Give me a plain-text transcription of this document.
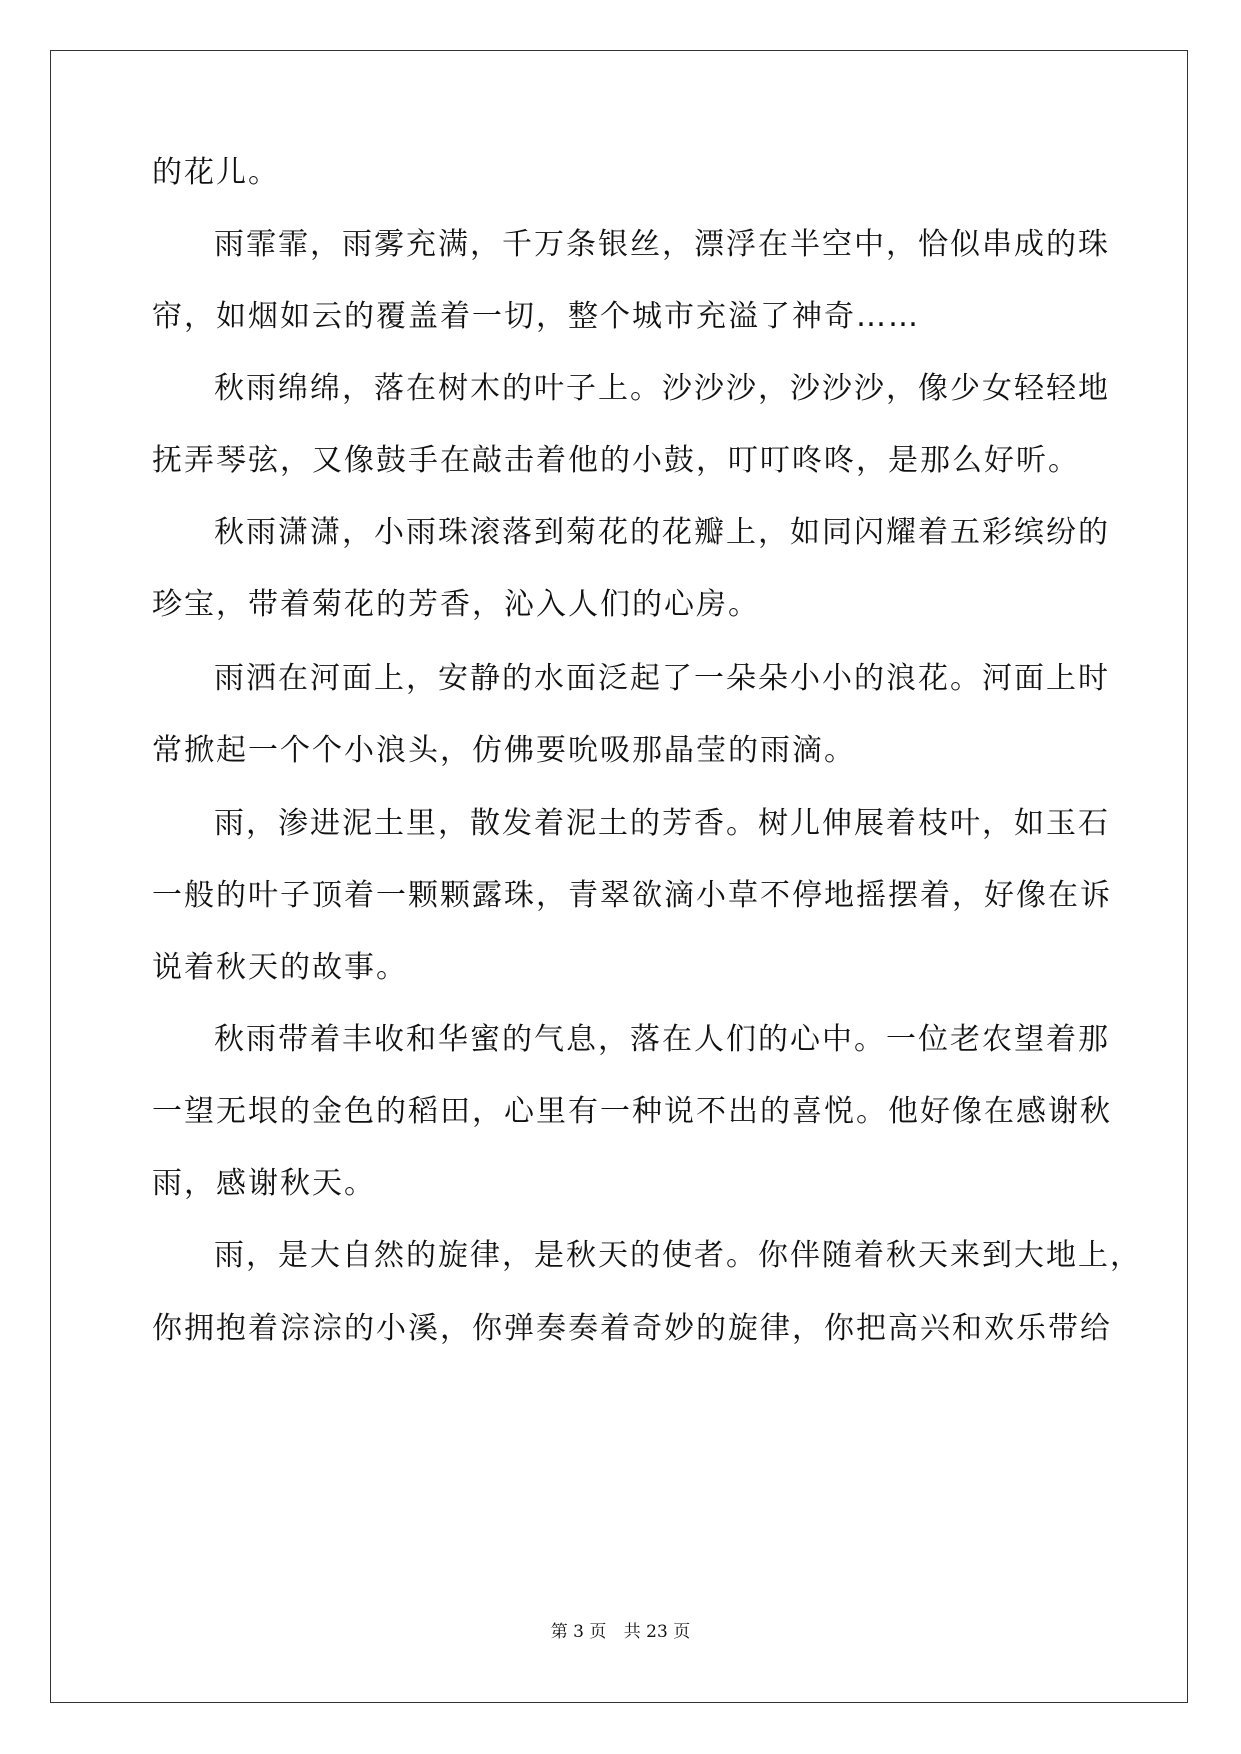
的花儿。
雨霏霏，雨雾充满，千万条银丝，漂浮在半空中，恰似串成的珠
帘，如烟如云的覆盖着一切，整个城市充溢了神奇……
秋雨绵绵，落在树木的叶子上。沙沙沙，沙沙沙，像少女轻轻地
抚弄琴弦，又像鼓手在敲击着他的小鼓，叮叮咚咚，是那么好听。
秋雨潇潇，小雨珠滚落到菊花的花瓣上，如同闪耀着五彩缤纷的
珍宝，带着菊花的芳香，沁入人们的心房。
雨洒在河面上，安静的水面泛起了一朵朵小小的浪花。河面上时
常掀起一个个小浪头，仿佛要吮吸那晶莹的雨滴。
雨，渗进泥土里，散发着泥土的芳香。树儿伸展着枝叶，如玉石
一般的叶子顶着一颗颗露珠，青翠欲滴小草不停地摇摆着，好像在诉
说着秋天的故事。
秋雨带着丰收和华蜜的气息，落在人们的心中。一位老农望着那
一望无垠的金色的稻田，心里有一种说不出的喜悦。他好像在感谢秋
雨，感谢秋天。
雨，是大自然的旋律，是秋天的使者。你伴随着秋天来到大地上，
你拥抱着淙淙的小溪，你弹奏奏着奇妙的旋律，你把高兴和欢乐带给
第 3 页 共 23 页
